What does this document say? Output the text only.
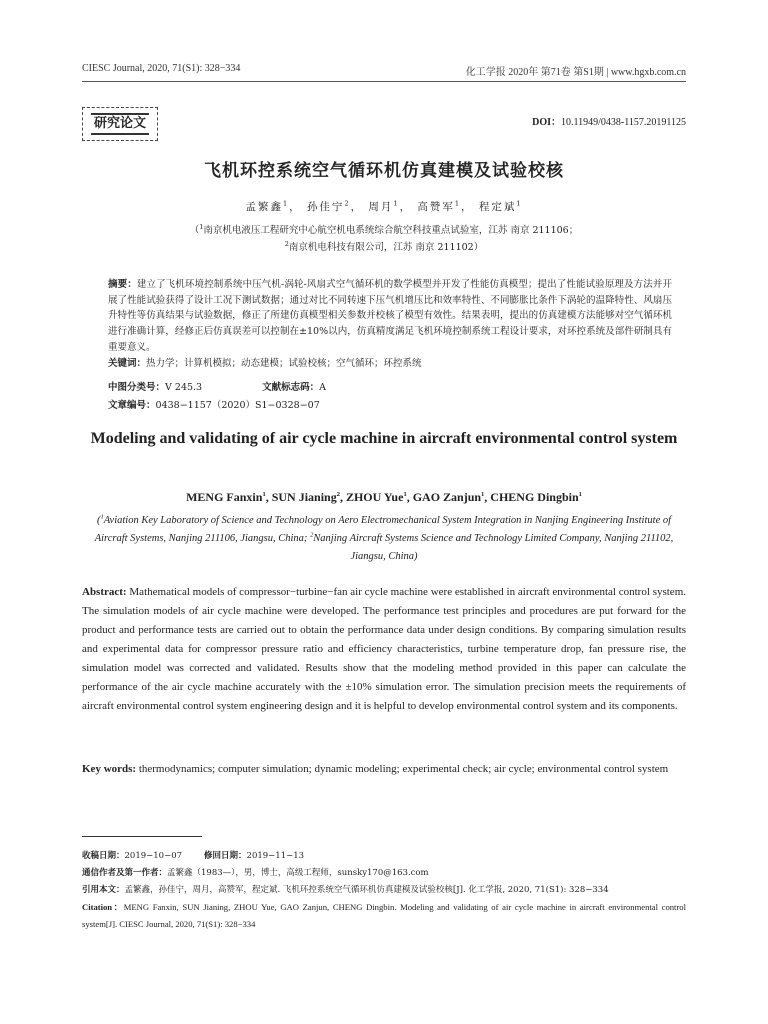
CIESC Journal, 2020, 71(S1): 328−334	化工学报 2020年 第71卷 第S1期 | www.hgxb.com.cn
研究论文	DOI：10.11949/0438-1157.20191125
飞机环控系统空气循环机仿真建模及试验校核
孟繁鑫$^1$， 孙佳宁$^2$， 周月$^1$， 高赞军$^1$， 程定斌$^1$
（$^1$南京机电液压工程研究中心航空机电系统综合航空科技重点试验室，江苏 南京 211106；
$^2$南京机电科技有限公司，江苏 南京 211102）
摘要：建立了飞机环境控制系统中压气机-涡轮-风扇式空气循环机的数学模型并开发了性能仿真模型；提出了性能试验原理及方法并开展了性能试验获得了设计工况下测试数据；通过对比不同转速下压气机增压比和效率特性、不同膨胀比条件下涡轮的温降特性、风扇压升特性等仿真结果与试验数据，修正了所建仿真模型相关参数并校核了模型有效性。结果表明，提出的仿真建模方法能够对空气循环机进行准确计算，经修正后仿真误差可以控制在±10%以内，仿真精度满足飞机环境控制系统工程设计要求，对环控系统及部件研制具有重要意义。
关键词：热力学；计算机模拟；动态建模；试验校核；空气循环；环控系统
中图分类号：V 245.3	文献标志码：A
文章编号：0438−1157（2020）S1−0328−07
Modeling and validating of air cycle machine in aircraft environmental control system
MENG Fanxin$^1$, SUN Jianing$^2$, ZHOU Yue$^1$, GAO Zanjun$^1$, CHENG Dingbin$^1$
($^1$Aviation Key Laboratory of Science and Technology on Aero Electromechanical System Integration in Nanjing Engineering Institute of Aircraft Systems, Nanjing 211106, Jiangsu, China; $^2$Nanjing Aircraft Systems Science and Technology Limited Company, Nanjing 211102, Jiangsu, China)
Abstract: Mathematical models of compressor−turbine−fan air cycle machine were established in aircraft environmental control system. The simulation models of air cycle machine were developed. The performance test principles and procedures are put forward for the product and performance tests are carried out to obtain the performance data under design conditions. By comparing simulation results and experimental data for compressor pressure ratio and efficiency characteristics, turbine temperature drop, fan pressure rise, the simulation model was corrected and validated. Results show that the modeling method provided in this paper can calculate the performance of the air cycle machine accurately with the ±10% simulation error. The simulation precision meets the requirements of aircraft environmental control system engineering design and it is helpful to develop environmental control system and its components.
Key words: thermodynamics; computer simulation; dynamic modeling; experimental check; air cycle; environmental control system
收稿日期：2019−10−07	修回日期：2019−11−13
通信作者及第一作者：孟繁鑫（1983—），男，博士，高级工程师，sunsky170@163.com
引用本文：孟繁鑫，孙佳宁，周月，高赞军，程定斌. 飞机环控系统空气循环机仿真建模及试验校核[J]. 化工学报, 2020, 71(S1): 328−334
Citation：MENG Fanxin, SUN Jianing, ZHOU Yue, GAO Zanjun, CHENG Dingbin. Modeling and validating of air cycle machine in aircraft environmental control system[J]. CIESC Journal, 2020, 71(S1): 328−334
